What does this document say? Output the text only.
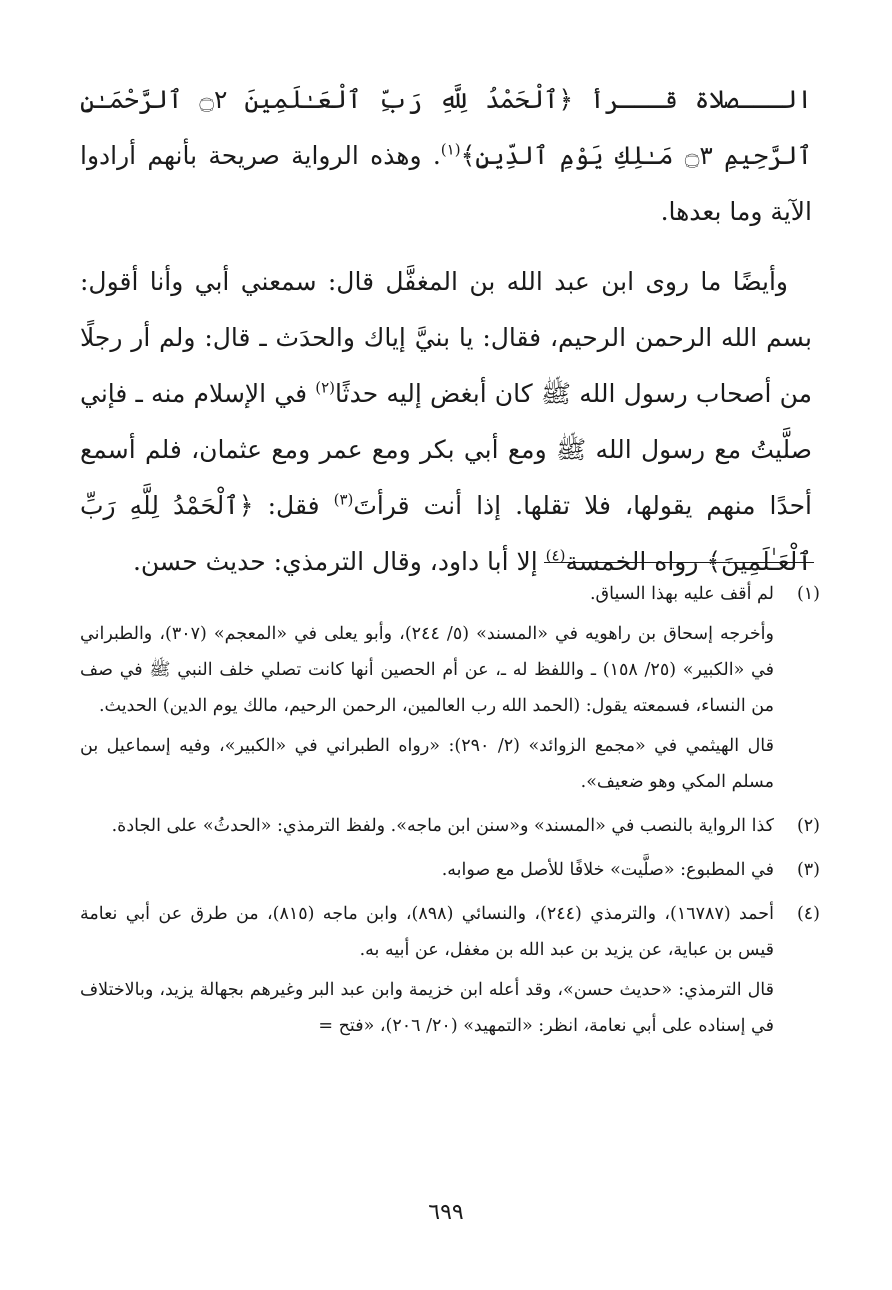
الـــصلاة قـــرأ ﴿ٱلْحَمْدُ لِلَّهِ رَبِّ ٱلْعَـٰلَمِينَ ۝٢ ٱلرَّحْمَـٰنِ ٱلرَّحِيمِ ۝٣ مَـٰلِكِ يَوْمِ ٱلدِّينِ﴾$^{(١)}$. وهذه الرواية صريحة بأنهم أرادوا الآية وما بعدها.

وأيضًا ما روى ابن عبد الله بن المغفَّل قال: سمعني أبي وأنا أقول: بسم الله الرحمن الرحيم، فقال: يا بنيَّ إياك والحدَث ـ قال: ولم أر رجلًا من أصحاب رسول الله ﷺ كان أبغض إليه حدثًا$^{(٢)}$ في الإسلام منه ـ فإني صلَّيتُ مع رسول الله ﷺ ومع أبي بكر ومع عمر ومع عثمان، فلم أسمع أحدًا منهم يقولها، فلا تقلها. إذا أنت قرأتَ$^{(٣)}$ فقل: ﴿ٱلْحَمْدُ لِلَّهِ رَبِّ ٱلْعَـٰلَمِينَ﴾ رواه الخمسة$^{(٤)}$ إلا أبا داود، وقال الترمذي: حديث حسن.

(١)

لم أقف عليه بهذا السياق.

وأخرجه إسحاق بن راهويه في «المسند» (٥/ ٢٤٤)، وأبو يعلى في «المعجم» (٣٠٧)، والطبراني في «الكبير» (٢٥/ ١٥٨) ـ واللفظ له ـ، عن أم الحصين أنها كانت تصلي خلف النبي ﷺ في صف من النساء، فسمعته يقول: (الحمد الله رب العالمين، الرحمن الرحيم، مالك يوم الدين) الحديث.

قال الهيثمي في «مجمع الزوائد» (٢/ ٢٩٠): «رواه الطبراني في «الكبير»، وفيه إسماعيل بن مسلم المكي وهو ضعيف».

(٢)

كذا الرواية بالنصب في «المسند» و«سنن ابن ماجه». ولفظ الترمذي: «الحدثُ» على الجادة.

(٣)

في المطبوع: «صلَّيت» خلافًا للأصل مع صوابه.

(٤)

أحمد (١٦٧٨٧)، والترمذي (٢٤٤)، والنسائي (٨٩٨)، وابن ماجه (٨١٥)، من طرق عن أبي نعامة قيس بن عباية، عن يزيد بن عبد الله بن مغفل، عن أبيه به.

قال الترمذي: «حديث حسن»، وقد أعله ابن خزيمة وابن عبد البر وغيرهم بجهالة يزيد، وبالاختلاف في إسناده على أبي نعامة، انظر: «التمهيد» (٢٠/ ٢٠٦)، «فتح =

٦٩٩
